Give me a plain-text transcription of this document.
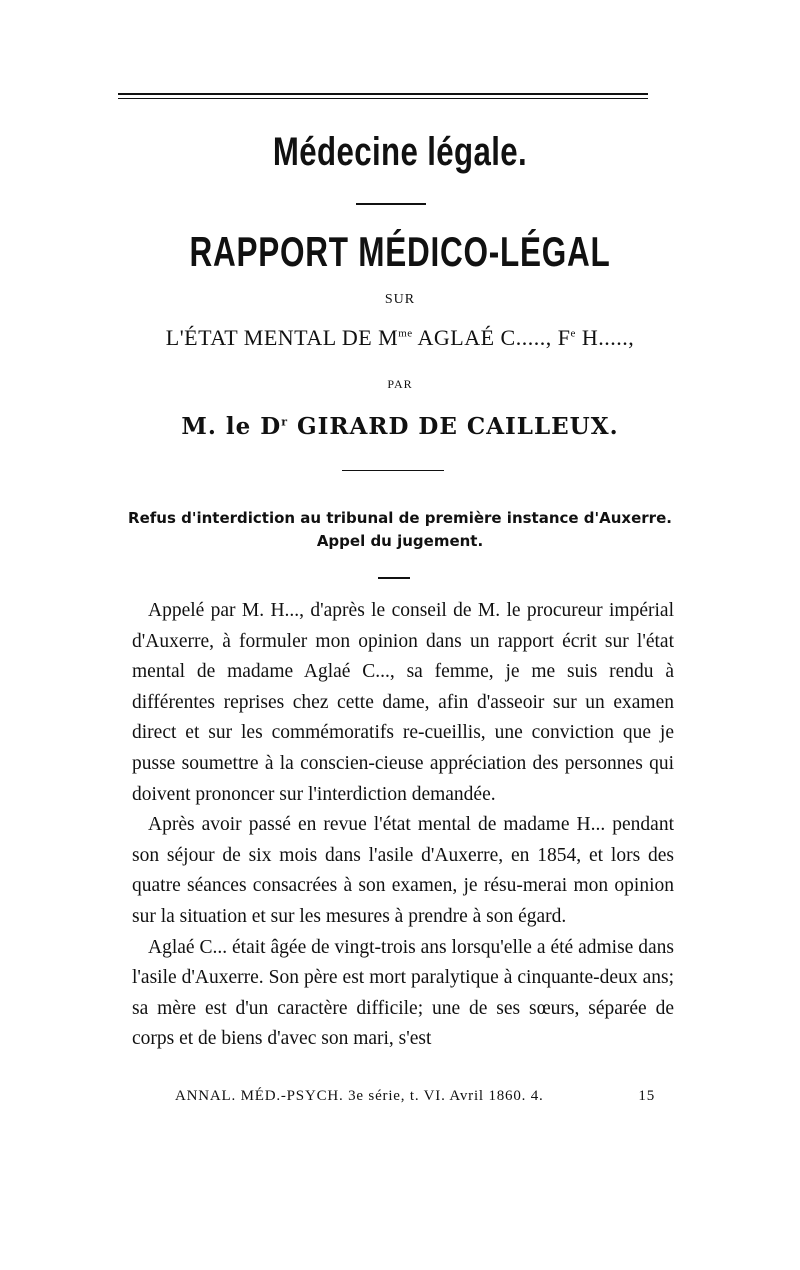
Médecine légale.
RAPPORT MÉDICO-LÉGAL
SUR
L'ÉTAT MENTAL DE $M^{me}$ AGLAÉ C....., $F^e$ H.....,
PAR
M. le $D^r$ GIRARD DE CAILLEUX.
Refus d'interdiction au tribunal de première instance d'Auxerre.
Appel du jugement.

Appelé par M. H..., d'après le conseil de M. le procureur impérial d'Auxerre, à formuler mon opinion dans un rapport écrit sur l'état mental de madame Aglaé C..., sa femme, je me suis rendu à différentes reprises chez cette dame, afin d'asseoir sur un examen direct et sur les commémoratifs re-cueillis, une conviction que je pusse soumettre à la conscien-cieuse appréciation des personnes qui doivent prononcer sur l'interdiction demandée.

Après avoir passé en revue l'état mental de madame H... pendant son séjour de six mois dans l'asile d'Auxerre, en 1854, et lors des quatre séances consacrées à son examen, je résu-merai mon opinion sur la situation et sur les mesures à prendre à son égard.

Aglaé C... était âgée de vingt-trois ans lorsqu'elle a été admise dans l'asile d'Auxerre. Son père est mort paralytique à cinquante-deux ans; sa mère est d'un caractère difficile; une de ses sœurs, séparée de corps et de biens d'avec son mari, s'est

ANNAL. MÉD.-PSYCH. 3e série, t. VI. Avril 1860. 4.	15
